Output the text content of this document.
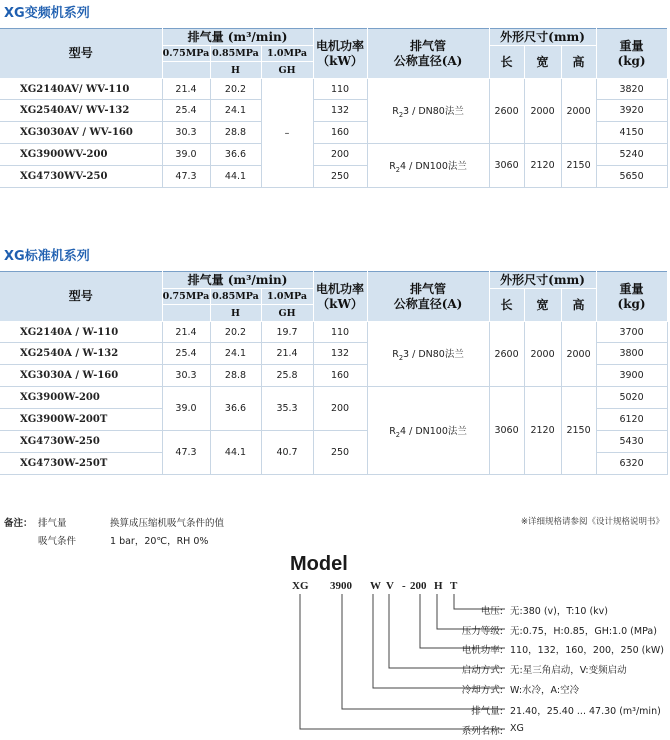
XG变频机系列
型号	排气量 (m³/min)			电机功率
（kW）	排气管
公称直径(A)	外形尺寸(mm)			重量
(kg)
	0.75MPa	0.85MPa	1.0MPa			长	宽	高	
		H	GH						
XG2140AV/ WV-110	21.4	20.2	–	110	$R_23 / DN80$法兰	2600	2000	2000	3820
XG2540AV/ WV-132	25.4	24.1		132					3920
XG3030AV / WV-160	30.3	28.8		160					4150
XG3900WV-200	39.0	36.6		200	$R_24 / DN100$法兰	3060	2120	2150	5240
XG4730WV-250	47.3	44.1		250					5650
XG标准机系列
型号	排气量 (m³/min)			电机功率
（kW）	排气管
公称直径(A)	外形尺寸(mm)			重量
(kg)
	0.75MPa	0.85MPa	1.0MPa			长	宽	高	
		H	GH						
XG2140A / W-110	21.4	20.2	19.7	110	$R_23 / DN80$法兰	2600	2000	2000	3700
XG2540A / W-132	25.4	24.1	21.4	132					3800
XG3030A / W-160	30.3	28.8	25.8	160					3900
XG3900W-200	39.0	36.6	35.3	200	$R_24 / DN100$法兰	3060	2120	2150	5020
XG3900W-200T									6120
XG4730W-250	47.3	44.1	40.7	250					5430
XG4730W-250T									6320
备注： 排气量	换算成压缩机吸气条件的值
吸气条件	1 bar，20℃，RH 0%
※详细规格请参阅《设计规格说明书》
Model
XG 3900 W V - 200 H T
电压: 无:380 (v)，T:10 (kv)
压力等级: 无:0.75，H:0.85，GH:1.0 (MPa)
电机功率: 110，132，160，200，250 (kW)
启动方式: 无:星三角启动，V:变频启动
冷却方式: W:水冷，A:空冷
排气量: 21.40，25.40 ... 47.30 (m³/min)
系列名称: XG
